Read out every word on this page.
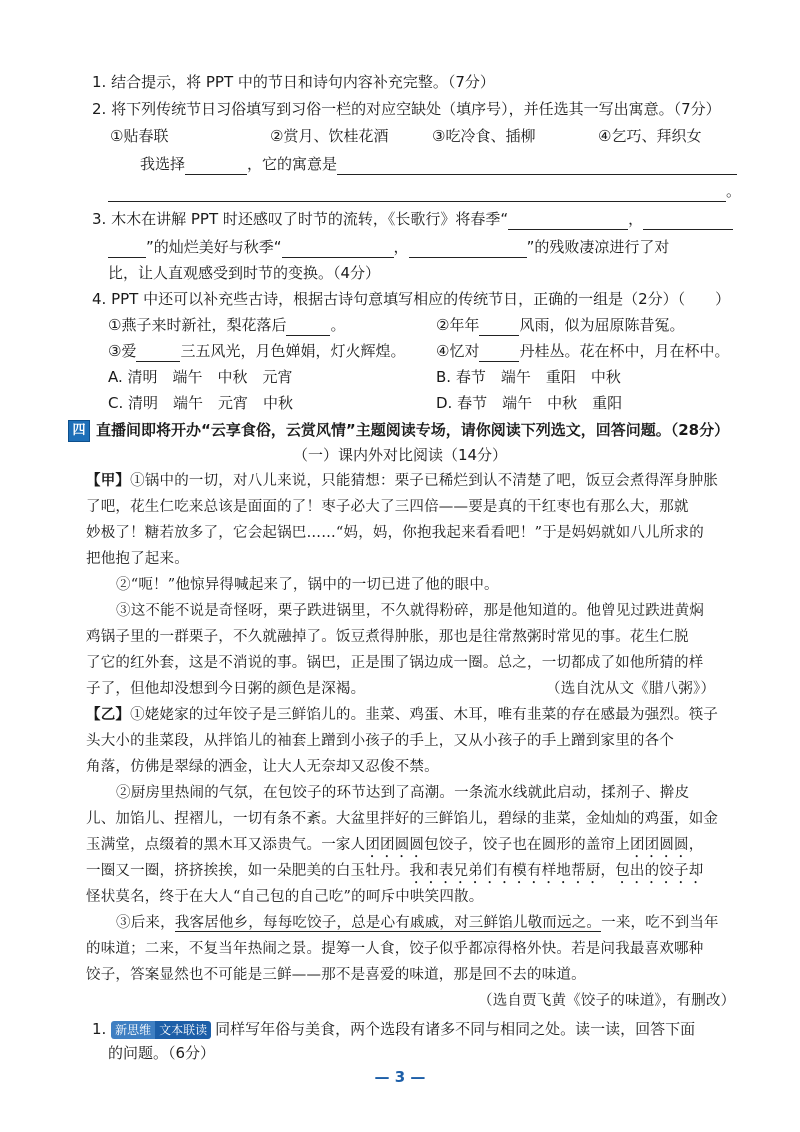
1. 结合提示，将 PPT 中的节日和诗句内容补充完整。（7分）
2. 将下列传统节日习俗填写到习俗一栏的对应空缺处（填序号），并任选其一写出寓意。（7分）
①贴春联	②赏月、饮桂花酒	③吃冷食、插柳	④乞巧、拜织女
我选择	，它的寓意是
。
3. 木木在讲解 PPT 时还感叹了时节的流转，《长歌行》将春季“	，
”的灿烂美好与秋季“	，	”的残败凄凉进行了对
比，让人直观感受到时节的变换。（4分）
4. PPT 中还可以补充些古诗，根据古诗句意填写相应的传统节日，正确的一组是（2分）（　　）
①燕子来时新社，梨花落后	。	②年年	风雨，似为屈原陈昔冤。
③爱	三五风光，月色婵娟，灯火辉煌。 ④忆对	丹桂丛。花在杯中，月在杯中。
A. 清明　端午　中秋　元宵	B. 春节　端午　重阳　中秋
C. 清明　端午　元宵　中秋	D. 春节　端午　中秋　重阳
四 直播间即将开办“云享食俗，云赏风情”主题阅读专场，请你阅读下列选文，回答问题。（28分）
（一）课内外对比阅读（14分）
【甲】①锅中的一切，对八儿来说，只能猜想：栗子已稀烂到认不清楚了吧，饭豆会煮得浑身肿胀
了吧，花生仁吃来总该是面面的了！枣子必大了三四倍——要是真的干红枣也有那么大，那就
妙极了！糖若放多了，它会起锅巴……“妈，妈，你抱我起来看看吧！”于是妈妈就如八儿所求的
把他抱了起来。
②“呃！”他惊异得喊起来了，锅中的一切已进了他的眼中。
③这不能不说是奇怪呀，栗子跌进锅里，不久就得粉碎，那是他知道的。他曾见过跌进黄焖
鸡锅子里的一群栗子，不久就融掉了。饭豆煮得肿胀，那也是往常熬粥时常见的事。花生仁脱
了它的红外套，这是不消说的事。锅巴，正是围了锅边成一圈。总之，一切都成了如他所猜的样
子了，但他却没想到今日粥的颜色是深褐。	（选自沈从文《腊八粥》）
【乙】①姥姥家的过年饺子是三鲜馅儿的。韭菜、鸡蛋、木耳，唯有韭菜的存在感最为强烈。筷子
头大小的韭菜段，从拌馅儿的袖套上蹭到小孩子的手上，又从小孩子的手上蹭到家里的各个
角落，仿佛是翠绿的洒金，让大人无奈却又忍俊不禁。
②厨房里热闹的气氛，在包饺子的环节达到了高潮。一条流水线就此启动，揉剂子、擀皮
儿、加馅儿、捏褶儿，一切有条不紊。大盆里拌好的三鲜馅儿，碧绿的韭菜，金灿灿的鸡蛋，如金
玉满堂，点缀着的黑木耳又添贵气。一家人团团圆圆包饺子，饺子也在圆形的盖帘上团团圆圆，
一圈又一圈，挤挤挨挨，如一朵肥美的白玉牡丹。我和表兄弟们有模有样地帮厨，包出的饺子却
怪状莫名，终于在大人“自己包的自己吃”的呵斥中哄笑四散。
③后来，我客居他乡，每每吃饺子，总是心有戚戚，对三鲜馅儿敬而远之。一来，吃不到当年
的味道；二来，不复当年热闹之景。提筹一人食，饺子似乎都凉得格外快。若是问我最喜欢哪种
饺子，答案显然也不可能是三鲜——那不是喜爱的味道，那是回不去的味道。
（选自贾飞黄《饺子的味道》，有删改）
1. 新思维 文本联读 同样写年俗与美食，两个选段有诸多不同与相同之处。读一读，回答下面
的问题。（6分）
— 3 —
